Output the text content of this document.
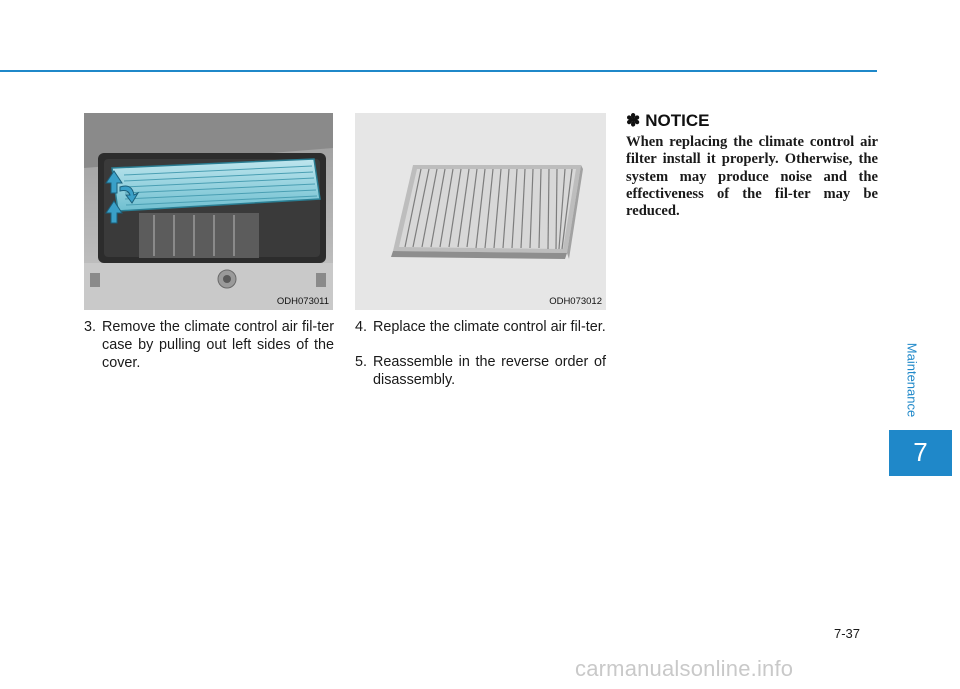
ODH073011	ODH073012
3. Remove the climate control air fil-ter case by pulling out left sides of the cover.
4. Replace the climate control air fil-ter.
5. Reassemble in the reverse order of disassembly.
✽ NOTICE
When replacing the climate control air filter install it properly. Otherwise, the system may produce noise and the effectiveness of the fil-ter may be reduced.
Maintenance
7
7-37
carmanualsonline.info
